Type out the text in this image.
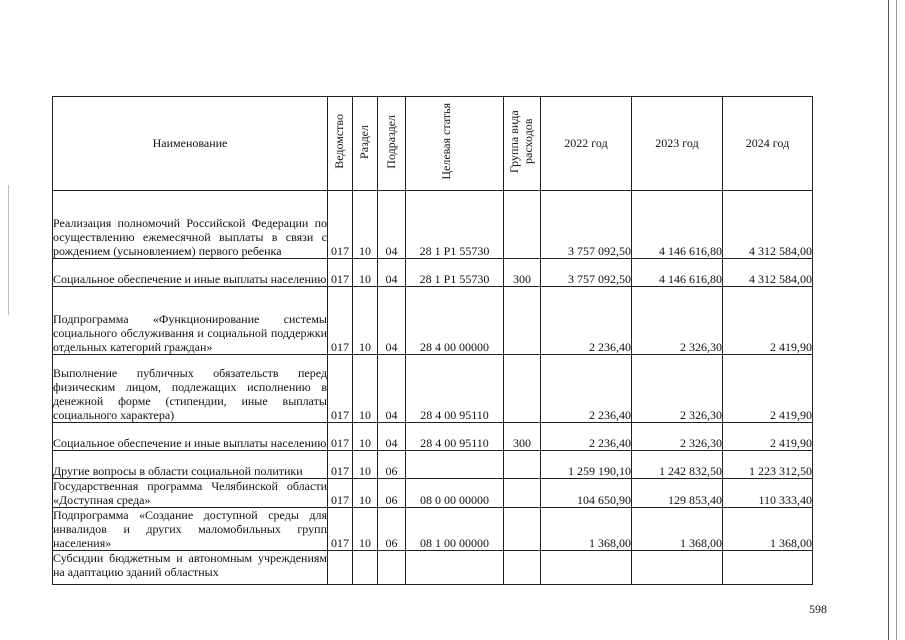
Наименование	Ведомство	Раздел	Подраздел	Целевая статья	Группа вида расходов	2022 год	2023 год	2024 год
Реализация полномочий Российской Федерации по осуществлению ежемесячной выплаты в связи с рождением (усыновлением) первого ребенка	017	10	04	28 1 P1 55730		3 757 092,50	4 146 616,80	4 312 584,00
Социальное обеспечение и иные выплаты населению	017	10	04	28 1 P1 55730	300	3 757 092,50	4 146 616,80	4 312 584,00
Подпрограмма «Функционирование системы социального обслуживания и социальной поддержки отдельных категорий граждан»	017	10	04	28 4 00 00000		2 236,40	2 326,30	2 419,90
Выполнение публичных обязательств перед физическим лицом, подлежащих исполнению в денежной форме (стипендии, иные выплаты социального характера)	017	10	04	28 4 00 95110		2 236,40	2 326,30	2 419,90
Социальное обеспечение и иные выплаты населению	017	10	04	28 4 00 95110	300	2 236,40	2 326,30	2 419,90
Другие вопросы в области социальной политики	017	10	06			1 259 190,10	1 242 832,50	1 223 312,50
Государственная программа Челябинской области «Доступная среда»	017	10	06	08 0 00 00000		104 650,90	129 853,40	110 333,40
Подпрограмма «Создание доступной среды для инвалидов и других маломобильных групп населения»	017	10	06	08 1 00 00000		1 368,00	1 368,00	1 368,00
Субсидии бюджетным и автономным учреждениям на адаптацию зданий областных								
598
